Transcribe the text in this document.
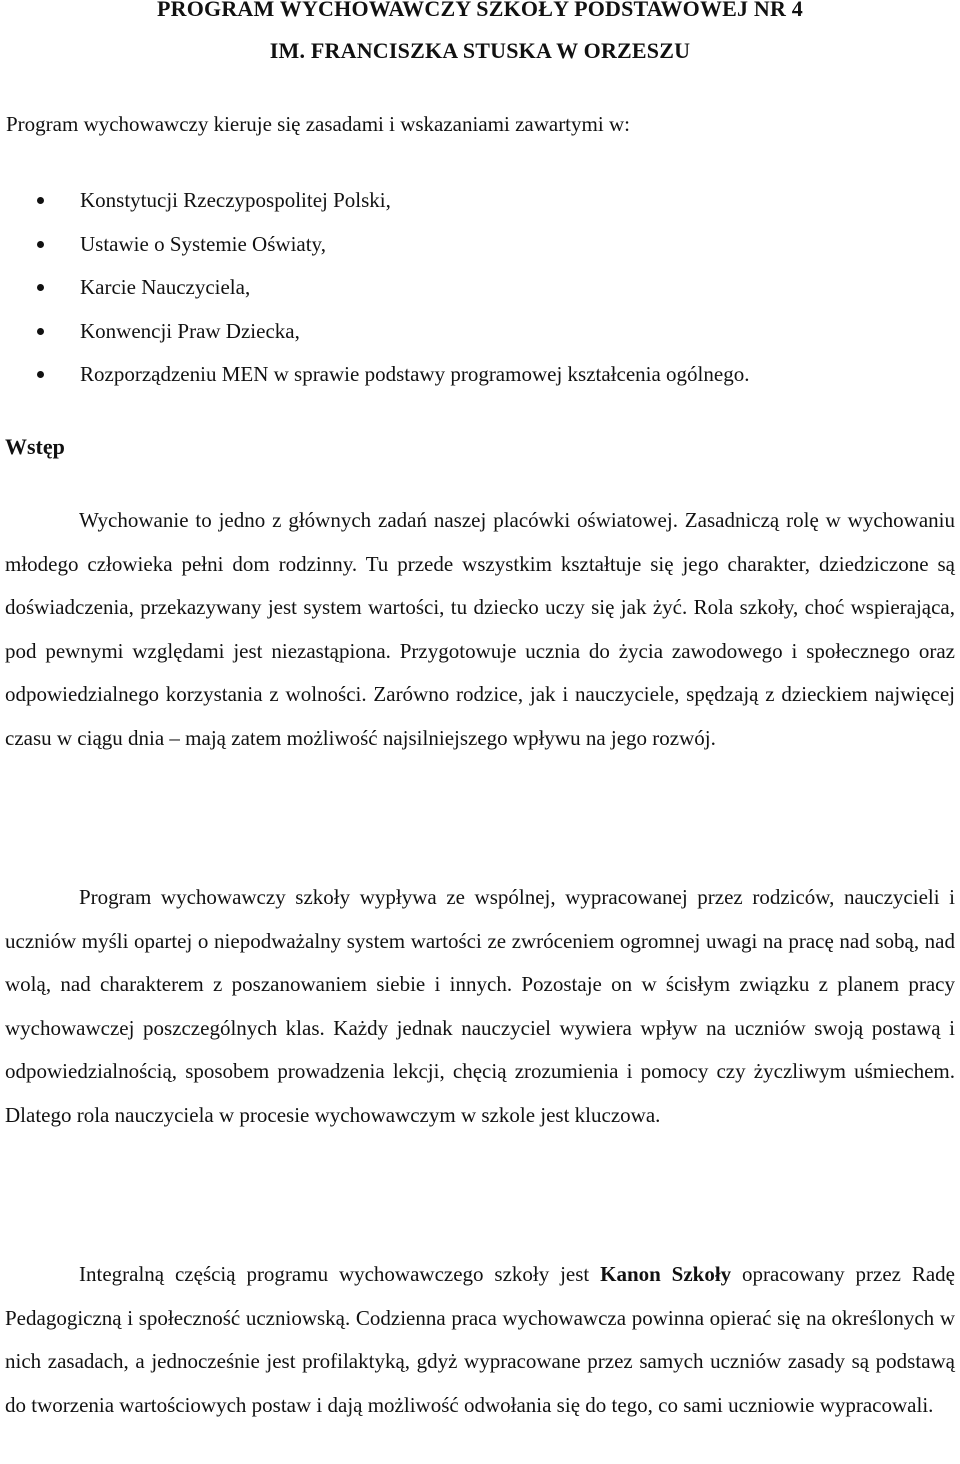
PROGRAM WYCHOWAWCZY SZKOŁY PODSTAWOWEJ NR 4
IM. FRANCISZKA STUSKA W ORZESZU

Program wychowawczy kieruje się zasadami i wskazaniami zawartymi w:

Konstytucji Rzeczypospolitej Polski,
Ustawie o Systemie Oświaty,
Karcie Nauczyciela,
Konwencji Praw Dziecka,
Rozporządzeniu MEN w sprawie podstawy programowej kształcenia ogólnego.
Wstęp

Wychowanie to jedno z głównych zadań naszej placówki oświatowej. Zasadniczą rolę w wychowaniu młodego człowieka pełni dom rodzinny. Tu przede wszystkim kształtuje się jego charakter, dziedziczone są doświadczenia, przekazywany jest system wartości, tu dziecko uczy się jak żyć. Rola szkoły, choć wspierająca, pod pewnymi względami jest niezastąpiona. Przygotowuje ucznia do życia zawodowego i społecznego oraz odpowiedzialnego korzystania z wolności. Zarówno rodzice, jak i nauczyciele, spędzają z dzieckiem najwięcej czasu w ciągu dnia – mają zatem możliwość najsilniejszego wpływu na jego rozwój.

Program wychowawczy szkoły wypływa ze wspólnej, wypracowanej przez rodziców, nauczycieli i uczniów myśli opartej o niepodważalny system wartości ze zwróceniem ogromnej uwagi na pracę nad sobą, nad wolą, nad charakterem z poszanowaniem siebie i innych. Pozostaje on w ścisłym związku z planem pracy wychowawczej poszczególnych klas. Każdy jednak nauczyciel wywiera wpływ na uczniów swoją postawą i odpowiedzialnością, sposobem prowadzenia lekcji, chęcią zrozumienia i pomocy czy życzliwym uśmiechem. Dlatego rola nauczyciela w procesie wychowawczym w szkole jest kluczowa.

Integralną częścią programu wychowawczego szkoły jest Kanon Szkoły opracowany przez Radę Pedagogiczną i społeczność uczniowską. Codzienna praca wychowawcza powinna opierać się na określonych w nich zasadach, a jednocześnie jest profilaktyką, gdyż wypracowane przez samych uczniów zasady są podstawą do tworzenia wartościowych postaw i dają możliwość odwołania się do tego, co sami uczniowie wypracowali.
